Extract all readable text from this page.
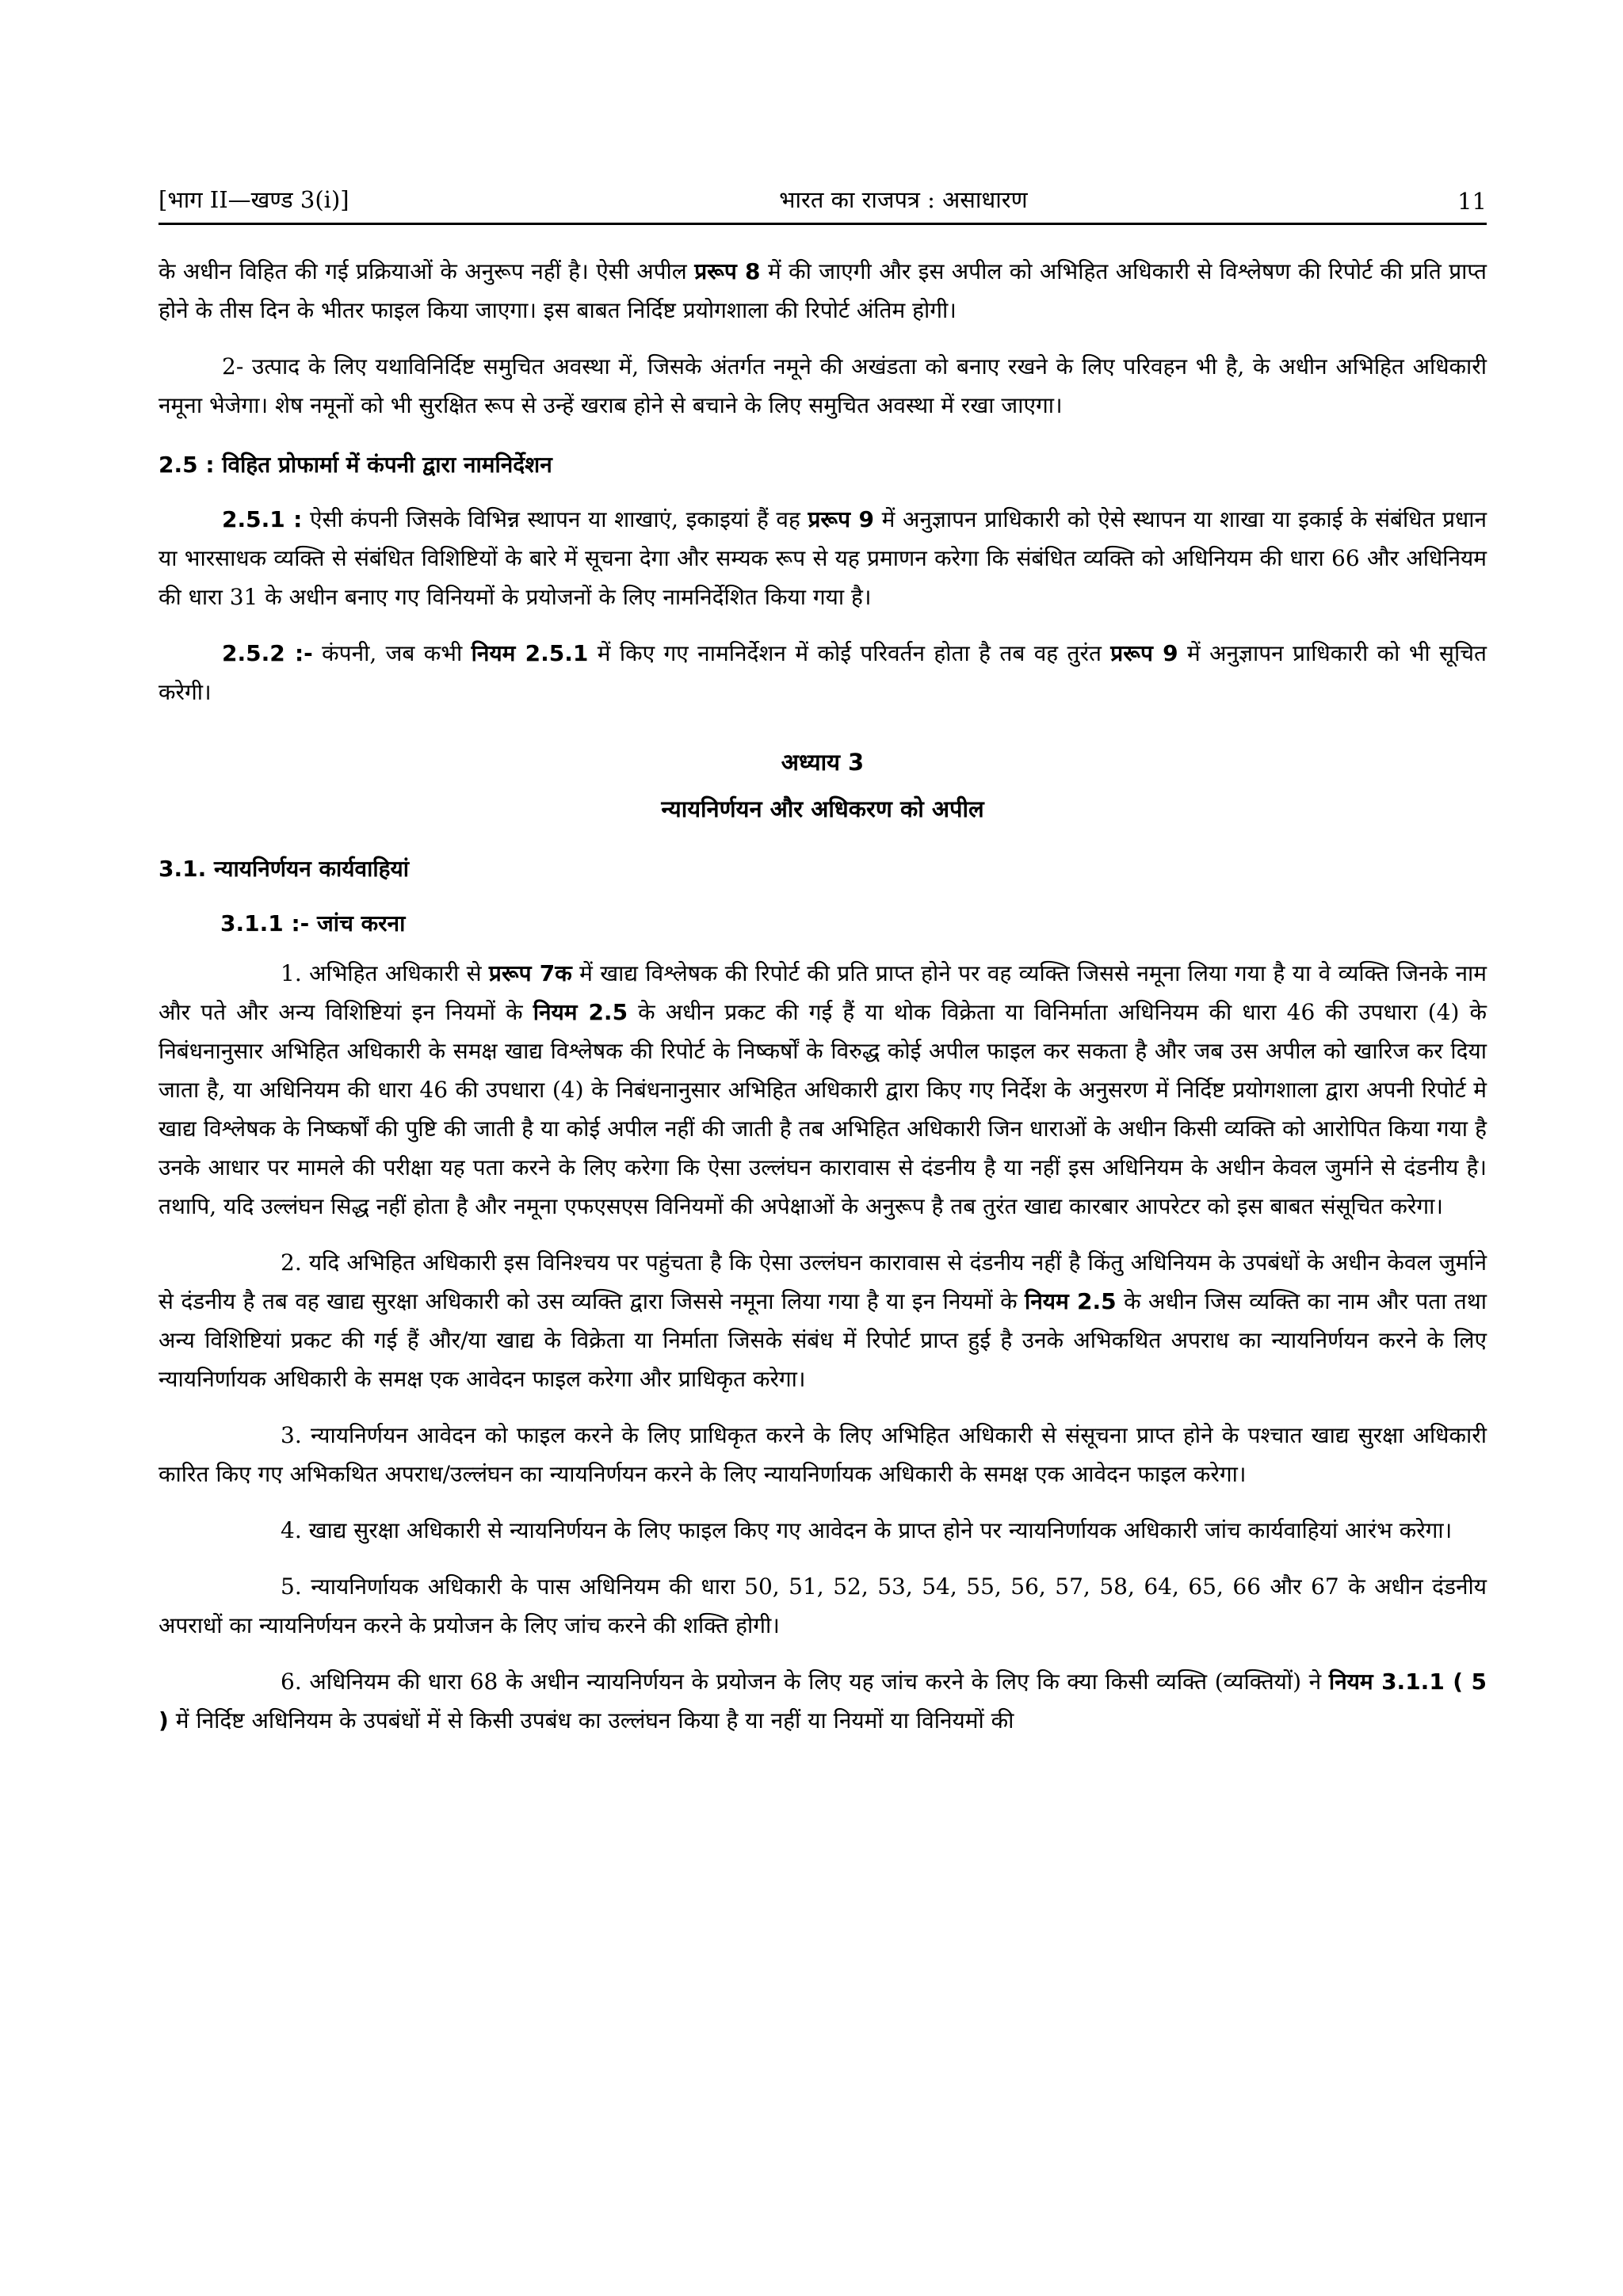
[भाग II—खण्ड 3(i)]	भारत का राजपत्र : असाधारण	11

के अधीन विहित की गई प्रक्रियाओं के अनुरूप नहीं है। ऐसी अपील प्ररूप 8 में की जाएगी और इस अपील को अभिहित अधिकारी से विश्लेषण की रिपोर्ट की प्रति प्राप्त होने के तीस दिन के भीतर फाइल किया जाएगा। इस बाबत निर्दिष्ट प्रयोगशाला की रिपोर्ट अंतिम होगी।

2- उत्पाद के लिए यथाविनिर्दिष्ट समुचित अवस्था में, जिसके अंतर्गत नमूने की अखंडता को बनाए रखने के लिए परिवहन भी है, के अधीन अभिहित अधिकारी नमूना भेजेगा। शेष नमूनों को भी सुरक्षित रूप से उन्हें खराब होने से बचाने के लिए समुचित अवस्था में रखा जाएगा।

2.5 : विहित प्रोफार्मा में कंपनी द्वारा नामनिर्देशन

2.5.1 : ऐसी कंपनी जिसके विभिन्न स्थापन या शाखाएं, इकाइयां हैं वह प्ररूप 9 में अनुज्ञापन प्राधिकारी को ऐसे स्थापन या शाखा या इकाई के संबंधित प्रधान या भारसाधक व्यक्ति से संबंधित विशिष्टियों के बारे में सूचना देगा और सम्यक रूप से यह प्रमाणन करेगा कि संबंधित व्यक्ति को अधिनियम की धारा 66 और अधिनियम की धारा 31 के अधीन बनाए गए विनियमों के प्रयोजनों के लिए नामनिर्देशित किया गया है।

2.5.2 :- कंपनी, जब कभी नियम 2.5.1 में किए गए नामनिर्देशन में कोई परिवर्तन होता है तब वह तुरंत प्ररूप 9 में अनुज्ञापन प्राधिकारी को भी सूचित करेगी।

अध्याय 3
न्यायनिर्णयन और अधिकरण को अपील
3.1. न्यायनिर्णयन कार्यवाहियां
3.1.1 :- जांच करना

1. अभिहित अधिकारी से प्ररूप 7क में खाद्य विश्लेषक की रिपोर्ट की प्रति प्राप्त होने पर वह व्यक्ति जिससे नमूना लिया गया है या वे व्यक्ति जिनके नाम और पते और अन्य विशिष्टियां इन नियमों के नियम 2.5 के अधीन प्रकट की गई हैं या थोक विक्रेता या विनिर्माता अधिनियम की धारा 46 की उपधारा (4) के निबंधनानुसार अभिहित अधिकारी के समक्ष खाद्य विश्लेषक की रिपोर्ट के निष्कर्षों के विरुद्ध कोई अपील फाइल कर सकता है और जब उस अपील को खारिज कर दिया जाता है, या अधिनियम की धारा 46 की उपधारा (4) के निबंधनानुसार अभिहित अधिकारी द्वारा किए गए निर्देश के अनुसरण में निर्दिष्ट प्रयोगशाला द्वारा अपनी रिपोर्ट मे खाद्य विश्लेषक के निष्कर्षों की पुष्टि की जाती है या कोई अपील नहीं की जाती है तब अभिहित अधिकारी जिन धाराओं के अधीन किसी व्यक्ति को आरोपित किया गया है उनके आधार पर मामले की परीक्षा यह पता करने के लिए करेगा कि ऐसा उल्लंघन कारावास से दंडनीय है या नहीं इस अधिनियम के अधीन केवल जुर्माने से दंडनीय है। तथापि, यदि उल्लंघन सिद्ध नहीं होता है और नमूना एफएसएस विनियमों की अपेक्षाओं के अनुरूप है तब तुरंत खाद्य कारबार आपरेटर को इस बाबत संसूचित करेगा।

2. यदि अभिहित अधिकारी इस विनिश्चय पर पहुंचता है कि ऐसा उल्लंघन कारावास से दंडनीय नहीं है किंतु अधिनियम के उपबंधों के अधीन केवल जुर्माने से दंडनीय है तब वह खाद्य सुरक्षा अधिकारी को उस व्यक्ति द्वारा जिससे नमूना लिया गया है या इन नियमों के नियम 2.5 के अधीन जिस व्यक्ति का नाम और पता तथा अन्य विशिष्टियां प्रकट की गई हैं और/या खाद्य के विक्रेता या निर्माता जिसके संबंध में रिपोर्ट प्राप्त हुई है उनके अभिकथित अपराध का न्यायनिर्णयन करने के लिए न्यायनिर्णायक अधिकारी के समक्ष एक आवेदन फाइल करेगा और प्राधिकृत करेगा।

3. न्यायनिर्णयन आवेदन को फाइल करने के लिए प्राधिकृत करने के लिए अभिहित अधिकारी से संसूचना प्राप्त होने के पश्चात खाद्य सुरक्षा अधिकारी कारित किए गए अभिकथित अपराध/उल्लंघन का न्यायनिर्णयन करने के लिए न्यायनिर्णायक अधिकारी के समक्ष एक आवेदन फाइल करेगा।

4. खाद्य सुरक्षा अधिकारी से न्यायनिर्णयन के लिए फाइल किए गए आवेदन के प्राप्त होने पर न्यायनिर्णायक अधिकारी जांच कार्यवाहियां आरंभ करेगा।

5. न्यायनिर्णायक अधिकारी के पास अधिनियम की धारा 50, 51, 52, 53, 54, 55, 56, 57, 58, 64, 65, 66 और 67 के अधीन दंडनीय अपराधों का न्यायनिर्णयन करने के प्रयोजन के लिए जांच करने की शक्ति होगी।

6. अधिनियम की धारा 68 के अधीन न्यायनिर्णयन के प्रयोजन के लिए यह जांच करने के लिए कि क्या किसी व्यक्ति (व्यक्तियों) ने नियम 3.1.1 ( 5 ) में निर्दिष्ट अधिनियम के उपबंधों में से किसी उपबंध का उल्लंघन किया है या नहीं या नियमों या विनियमों की
